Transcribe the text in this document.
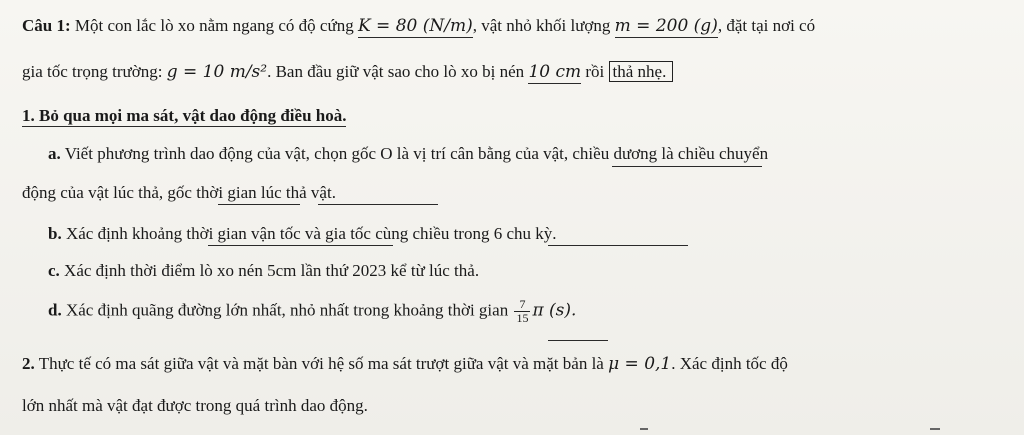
Câu 1: Một con lắc lò xo nằm ngang có độ cứng K = 80 (N/m), vật nhỏ khối lượng m = 200 (g), đặt tại nơi có
gia tốc trọng trường: g = 10 m/s². Ban đầu giữ vật sao cho lò xo bị nén 10 cm rồi thả nhẹ.
1. Bỏ qua mọi ma sát, vật dao động điều hoà.
a. Viết phương trình dao động của vật, chọn gốc O là vị trí cân bằng của vật, chiều dương là chiều chuyển
động của vật lúc thả, gốc thời gian lúc thả vật.
b. Xác định khoảng thời gian vận tốc và gia tốc cùng chiều trong 6 chu kỳ.
c. Xác định thời điểm lò xo nén 5cm lần thứ 2023 kể từ lúc thả.
d. Xác định quãng đường lớn nhất, nhỏ nhất trong khoảng thời gian $\frac{7}{15}$ π (s).
2. Thực tế có ma sát giữa vật và mặt bàn với hệ số ma sát trượt giữa vật và mặt bản là μ = 0,1. Xác định tốc độ
lớn nhất mà vật đạt được trong quá trình dao động.
